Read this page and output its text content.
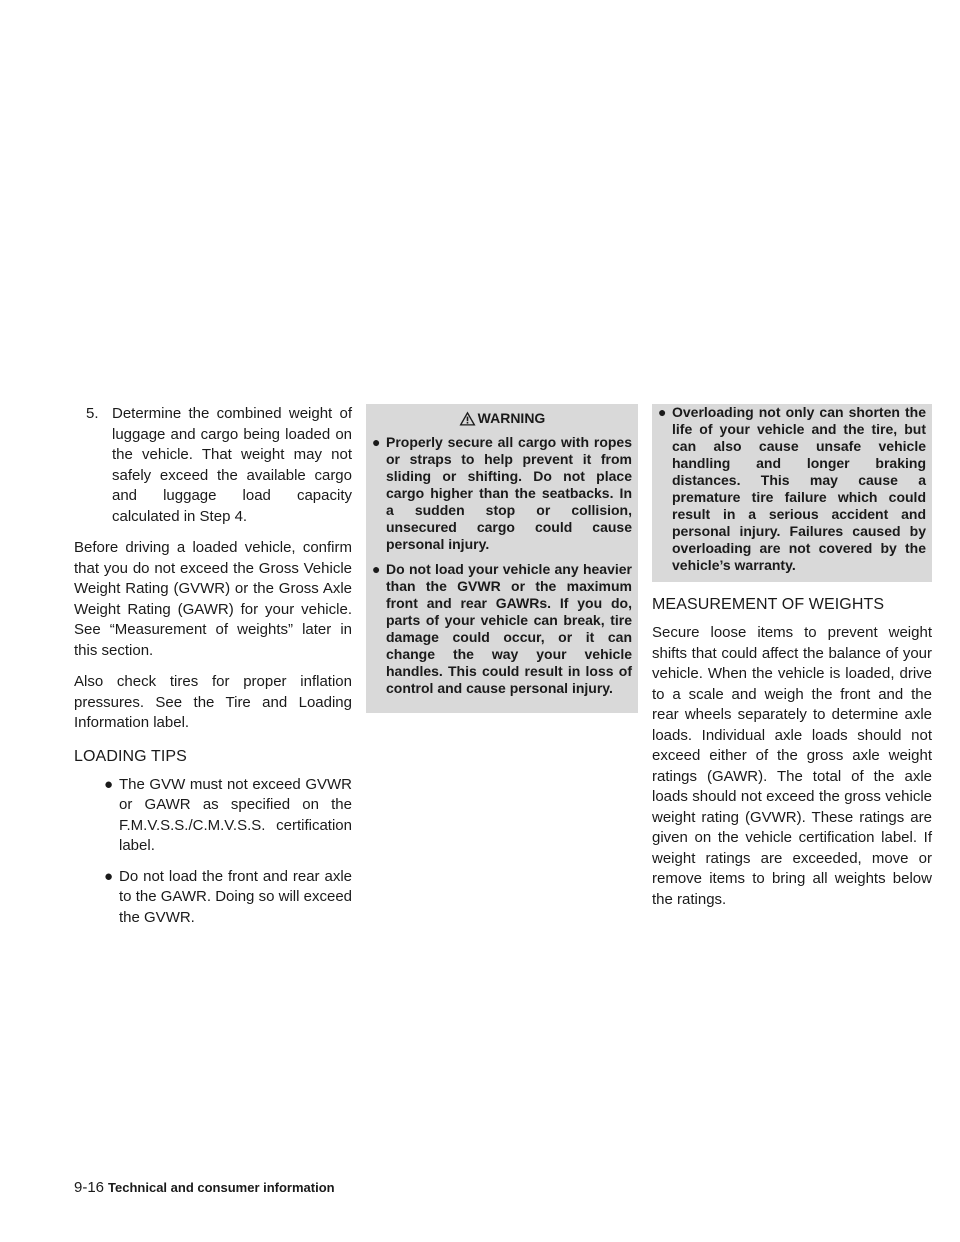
5. Determine the combined weight of luggage and cargo being loaded on the vehicle. That weight may not safely exceed the available cargo and luggage load capacity calculated in Step 4.

Before driving a loaded vehicle, confirm that you do not exceed the Gross Vehicle Weight Rating (GVWR) or the Gross Axle Weight Rating (GAWR) for your vehicle. See “Measurement of weights” later in this section.

Also check tires for proper inflation pressures. See the Tire and Loading Information label.

LOADING TIPS
● The GVW must not exceed GVWR or GAWR as specified on the F.M.V.S.S./C.M.V.S.S. certification label.
● Do not load the front and rear axle to the GAWR. Doing so will exceed the GVWR.
WARNING
● Properly secure all cargo with ropes or straps to help prevent it from sliding or shifting. Do not place cargo higher than the seatbacks. In a sudden stop or collision, unsecured cargo could cause personal injury.
● Do not load your vehicle any heavier than the GVWR or the maximum front and rear GAWRs. If you do, parts of your vehicle can break, tire damage could occur, or it can change the way your vehicle handles. This could result in loss of control and cause personal injury.
● Overloading not only can shorten the life of your vehicle and the tire, but can also cause unsafe vehicle handling and longer braking distances. This may cause a premature tire failure which could result in a serious accident and personal injury. Failures caused by overloading are not covered by the vehicle’s warranty.
MEASUREMENT OF WEIGHTS

Secure loose items to prevent weight shifts that could affect the balance of your vehicle. When the vehicle is loaded, drive to a scale and weigh the front and the rear wheels separately to determine axle loads. Individual axle loads should not exceed either of the gross axle weight ratings (GAWR). The total of the axle loads should not exceed the gross vehicle weight rating (GVWR). These ratings are given on the vehicle certification label. If weight ratings are exceeded, move or remove items to bring all weights below the ratings.

9-16 Technical and consumer information
